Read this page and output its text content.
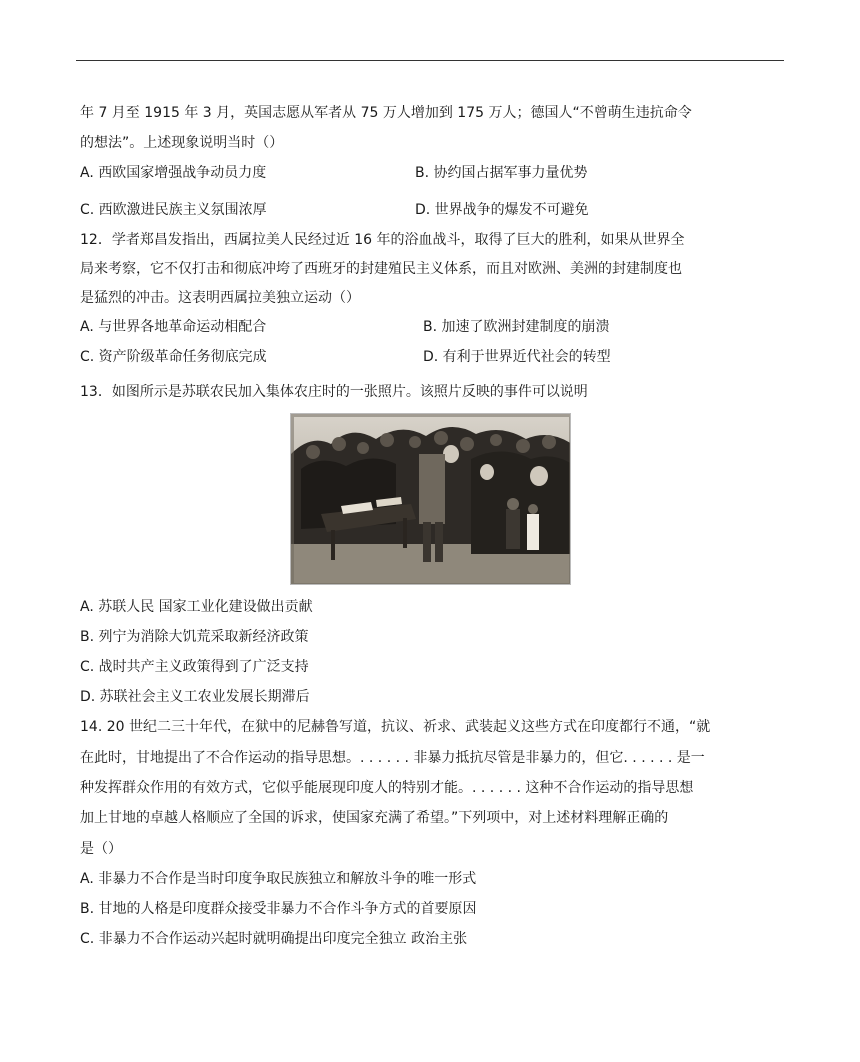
年 7 月至 1915 年 3 月，英国志愿从军者从 75 万人增加到 175 万人；德国人“不曾萌生违抗命令
的想法”。上述现象说明当时（）
A. 西欧国家增强战争动员力度	B. 协约国占据军事力量优势
C. 西欧激进民族主义氛围浓厚	D. 世界战争的爆发不可避免
12．学者郑昌发指出，西属拉美人民经过近 16 年的浴血战斗，取得了巨大的胜利，如果从世界全
局来考察，它不仅打击和彻底冲垮了西班牙的封建殖民主义体系，而且对欧洲、美洲的封建制度也
是猛烈的冲击。这表明西属拉美独立运动（）
A. 与世界各地革命运动相配合	B. 加速了欧洲封建制度的崩溃
C. 资产阶级革命任务彻底完成	D. 有利于世界近代社会的转型
13．如图所示是苏联农民加入集体农庄时的一张照片。该照片反映的事件可以说明
A. 苏联人民 国家工业化建设做出贡献
B. 列宁为消除大饥荒采取新经济政策
C. 战时共产主义政策得到了广泛支持
D. 苏联社会主义工农业发展长期滞后
14. 20 世纪二三十年代，在狱中的尼赫鲁写道，抗议、祈求、武装起义这些方式在印度都行不通，“就
在此时，甘地提出了不合作运动的指导思想。. . . . . . 非暴力抵抗尽管是非暴力的，但它. . . . . . 是一
种发挥群众作用的有效方式，它似乎能展现印度人的特别才能。. . . . . . 这种不合作运动的指导思想
加上甘地的卓越人格顺应了全国的诉求，使国家充满了希望。”下列项中，对上述材料理解正确的
是（）
A. 非暴力不合作是当时印度争取民族独立和解放斗争的唯一形式
B. 甘地的人格是印度群众接受非暴力不合作斗争方式的首要原因
C. 非暴力不合作运动兴起时就明确提出印度完全独立 政治主张
